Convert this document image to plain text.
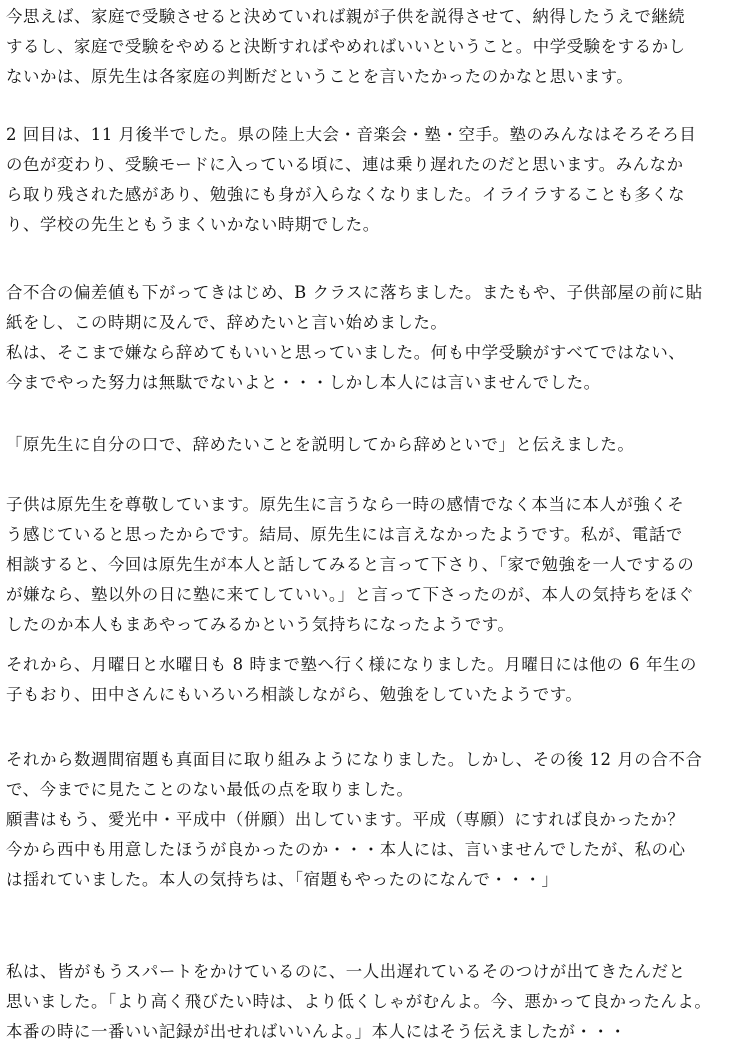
今思えば、家庭で受験させると決めていれば親が子供を説得させて、納得したうえで継続
するし、家庭で受験をやめると決断すればやめればいいということ。中学受験をするかし
ないかは、原先生は各家庭の判断だということを言いたかったのかなと思います。
2 回目は、11 月後半でした。県の陸上大会・音楽会・塾・空手。塾のみんなはそろそろ目
の色が変わり、受験モードに入っている頃に、連は乗り遅れたのだと思います。みんなか
ら取り残された感があり、勉強にも身が入らなくなりました。イライラすることも多くな
り、学校の先生ともうまくいかない時期でした。
合不合の偏差値も下がってきはじめ、B クラスに落ちました。またもや、子供部屋の前に貼
紙をし、この時期に及んで、辞めたいと言い始めました。
私は、そこまで嫌なら辞めてもいいと思っていました。何も中学受験がすべてではない、
今までやった努力は無駄でないよと・・・しかし本人には言いませんでした。
「原先生に自分の口で、辞めたいことを説明してから辞めといで」と伝えました。
子供は原先生を尊敬しています。原先生に言うなら一時の感情でなく本当に本人が強くそ
う感じていると思ったからです。結局、原先生には言えなかったようです。私が、電話で
相談すると、今回は原先生が本人と話してみると言って下さり、「家で勉強を一人でするの
が嫌なら、塾以外の日に塾に来てしていい。」と言って下さったのが、本人の気持ちをほぐ
したのか本人もまあやってみるかという気持ちになったようです。
それから、月曜日と水曜日も 8 時まで塾へ行く様になりました。月曜日には他の 6 年生の
子もおり、田中さんにもいろいろ相談しながら、勉強をしていたようです。
それから数週間宿題も真面目に取り組みようになりました。しかし、その後 12 月の合不合
で、今までに見たことのない最低の点を取りました。
願書はもう、愛光中・平成中（併願）出しています。平成（専願）にすれば良かったか？
今から西中も用意したほうが良かったのか・・・本人には、言いませんでしたが、私の心
は揺れていました。本人の気持ちは、「宿題もやったのになんで・・・」
私は、皆がもうスパートをかけているのに、一人出遅れているそのつけが出てきたんだと
思いました。「より高く飛びたい時は、より低くしゃがむんよ。今、悪かって良かったんよ。
本番の時に一番いい記録が出せればいいんよ。」本人にはそう伝えましたが・・・
